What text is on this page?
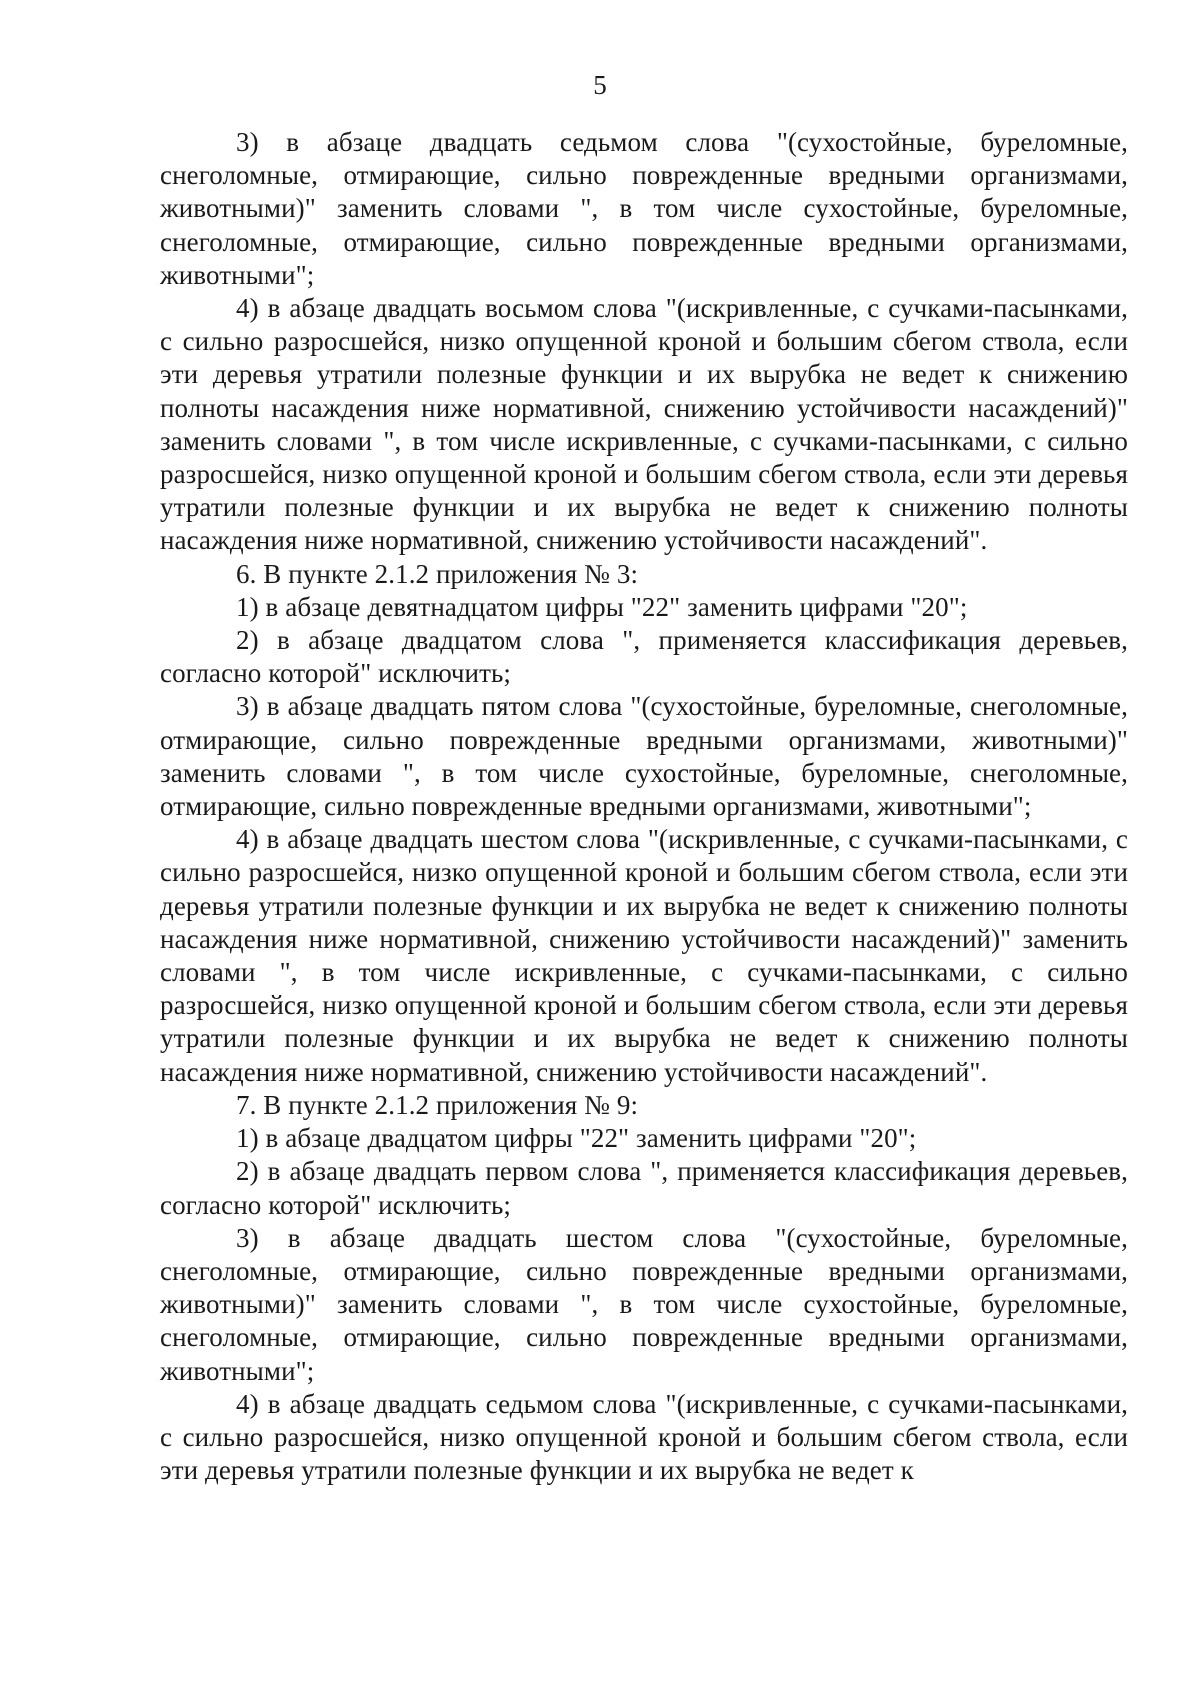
5

3) в абзаце двадцать седьмом слова "(сухостойные, буреломные, снеголомные, отмирающие, сильно поврежденные вредными организмами, животными)" заменить словами ", в том числе сухостойные, буреломные, снеголомные, отмирающие, сильно поврежденные вредными организмами, животными";

4) в абзаце двадцать восьмом слова "(искривленные, с сучками-пасынками, с сильно разросшейся, низко опущенной кроной и большим сбегом ствола, если эти деревья утратили полезные функции и их вырубка не ведет к снижению полноты насаждения ниже нормативной, снижению устойчивости насаждений)" заменить словами ", в том числе искривленные, с сучками-пасынками, с сильно разросшейся, низко опущенной кроной и большим сбегом ствола, если эти деревья утратили полезные функции и их вырубка не ведет к снижению полноты насаждения ниже нормативной, снижению устойчивости насаждений".

6. В пункте 2.1.2 приложения № 3:

1) в абзаце девятнадцатом цифры "22" заменить цифрами "20";

2) в абзаце двадцатом слова ", применяется классификация деревьев, согласно которой" исключить;

3) в абзаце двадцать пятом слова "(сухостойные, буреломные, снеголомные, отмирающие, сильно поврежденные вредными организмами, животными)" заменить словами ", в том числе сухостойные, буреломные, снеголомные, отмирающие, сильно поврежденные вредными организмами, животными";

4) в абзаце двадцать шестом слова "(искривленные, с сучками-пасынками, с сильно разросшейся, низко опущенной кроной и большим сбегом ствола, если эти деревья утратили полезные функции и их вырубка не ведет к снижению полноты насаждения ниже нормативной, снижению устойчивости насаждений)" заменить словами ", в том числе искривленные, с сучками-пасынками, с сильно разросшейся, низко опущенной кроной и большим сбегом ствола, если эти деревья утратили полезные функции и их вырубка не ведет к снижению полноты насаждения ниже нормативной, снижению устойчивости насаждений".

7. В пункте 2.1.2 приложения № 9:

1) в абзаце двадцатом цифры "22" заменить цифрами "20";

2) в абзаце двадцать первом слова ", применяется классификация деревьев, согласно которой" исключить;

3) в абзаце двадцать шестом слова "(сухостойные, буреломные, снеголомные, отмирающие, сильно поврежденные вредными организмами, животными)" заменить словами ", в том числе сухостойные, буреломные, снеголомные, отмирающие, сильно поврежденные вредными организмами, животными";

4) в абзаце двадцать седьмом слова "(искривленные, с сучками-пасынками, с сильно разросшейся, низко опущенной кроной и большим сбегом ствола, если эти деревья утратили полезные функции и их вырубка не ведет к
